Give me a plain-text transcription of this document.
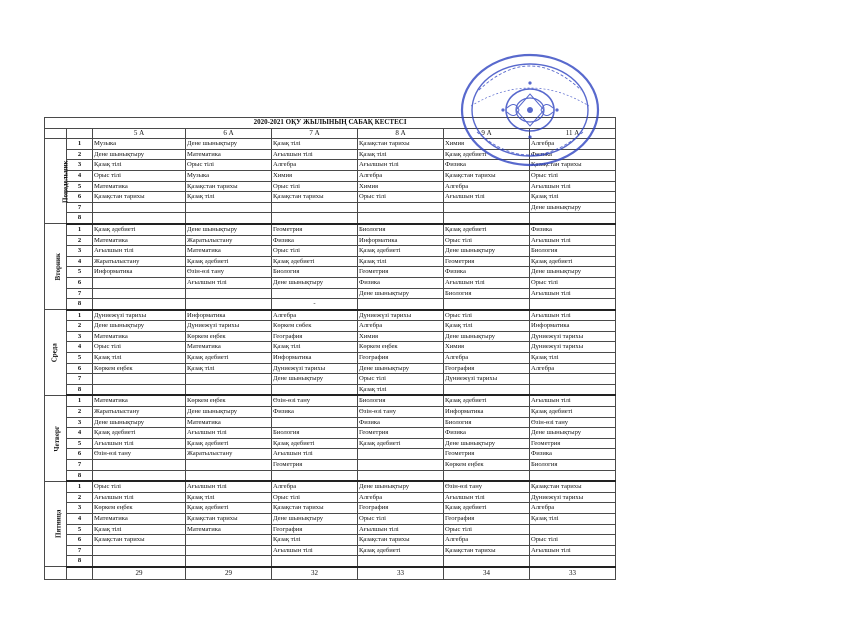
2020-2021 ОҚУ ЖЫЛЫНЫҢ САБАҚ КЕСТЕСІ							
		5 А	6 А	7 А	8 А	9 А	11 А
Понедельник	1	Музыка	Дене шынықтыру	Қазақ тілі	Қазақстан тарихы	Химия	Алгебра
	2	Дене шынықтыру	Математика	Ағылшын тілі	Қазақ тілі	Қазақ әдебиеті	Физика
	3	Қазақ тілі	Орыс тілі	Алгебра	Ағылшын тілі	Физика	Қазақстан тарихы
	4	Орыс тілі	Музыка	Химия	Алгебра	Қазақстан тарихы	Орыс тілі
	5	Математика	Қазақстан тарихы	Орыс тілі	Химия	Алгебра	Ағылшын тілі
	6	Қазақстан тарихы	Қазақ тілі	Қазақстан тарихы	Орыс тілі	Ағылшын тілі	Қазақ тілі
	7						Дене шынықтыру
	8						
Вторник	1	Қазақ әдебиеті	Дене шынықтыру	Геометрия	Биология	Қазақ әдебиеті	Физика
	2	Математика	Жаратылыстану	Физика	Информатика	Орыс тілі	Ағылшын тілі
	3	Ағылшын тілі	Математика	Орыс тілі	Қазақ әдебиеті	Дене шынықтыру	Биология
	4	Жаратылыстану	Қазақ әдебиеті	Қазақ әдебиеті	Қазақ тілі	Геометрия	Қазақ әдебиеті
	5	Информатика	Өзін-өзі тану	Биология	Геометрия	Физика	Дене шынықтыру
	6		Ағылшын тілі	Дене шынықтыру	Физика	Ағылшын тілі	Орыс тілі
	7				Дене шынықтыру	Биология	Ағылшын тілі
	8			-			
Среда	1	Дүниежүзі тарихы	Информатика	Алгебра	Дүниежүзі тарихы	Орыс тілі	Ағылшын тілі
	2	Дене шынықтыру	Дүниежүзі тарихы	Көркем сөбек	Алгебра	Қазақ тілі	Информатика
	3	Математика	Көркем еңбек	География	Химия	Дене шынықтыру	Дүниежүзі тарихы
	4	Орыс тілі	Математика	Қазақ тілі	Көркем еңбек	Химия	Дүниежүзі тарихы
	5	Қазақ тілі	Қазақ әдебиеті	Информатика	География	Алгебра	Қазақ тілі
	6	Көркем еңбек	Қазақ тілі	Дүниежүзі тарихы	Дене шынықтыру	География	Алгебра
	7			Дене шынықтыру	Орыс тілі	Дүниежүзі тарихы	
	8				Қазақ тілі		
Четверг	1	Математика	Көркем еңбек	Өзін-өзі тану	Биология	Қазақ әдебиеті	Ағылшын тілі
	2	Жаратылыстану	Дене шынықтыру	Физика	Өзін-өзі тану	Информатика	Қазақ әдебиеті
	3	Дене шынықтыру	Математика		Физика	Биология	Өзін-өзі тану
	4	Қазақ әдебиеті	Ағылшын тілі	Биология	Геометрия	Физика	Дене шынықтыру
	5	Ағылшын тілі	Қазақ әдебиеті	Қазақ әдебиеті	Қазақ әдебиеті	Дене шынықтыру	Геометрия
	6	Өзін-өзі тану	Жаратылыстану	Ағылшын тілі		Геометрия	Физика
	7			Геометрия		Көркем еңбек	Биология
	8						
Пятница	1	Орыс тілі	Ағылшын тілі	Алгебра	Дене шынықтыру	Өзін-өзі тану	Қазақстан тарихы
	2	Ағылшын тілі	Қазақ тілі	Орыс тілі	Алгебра	Ағылшын тілі	Дүниежүзі тарихы
	3	Көркем еңбек	Қазақ әдебиеті	Қазақстан тарихы	География	Қазақ әдебиеті	Алгебра
	4	Математика	Қазақстан тарихы	Дене шынықтыру	Орыс тілі	География	Қазақ тілі
	5	Қазақ тілі	Математика	География	Ағылшын тілі	Орыс тілі	
	6	Қазақстан тарихы		Қазақ тілі	Қазақстан тарихы	Алгебра	Орыс тілі
	7			Ағылшын тілі	Қазақ әдебиеті	Қазақстан тарихы	Ағылшын тілі
	8						
		29	29	32	33	34	33
